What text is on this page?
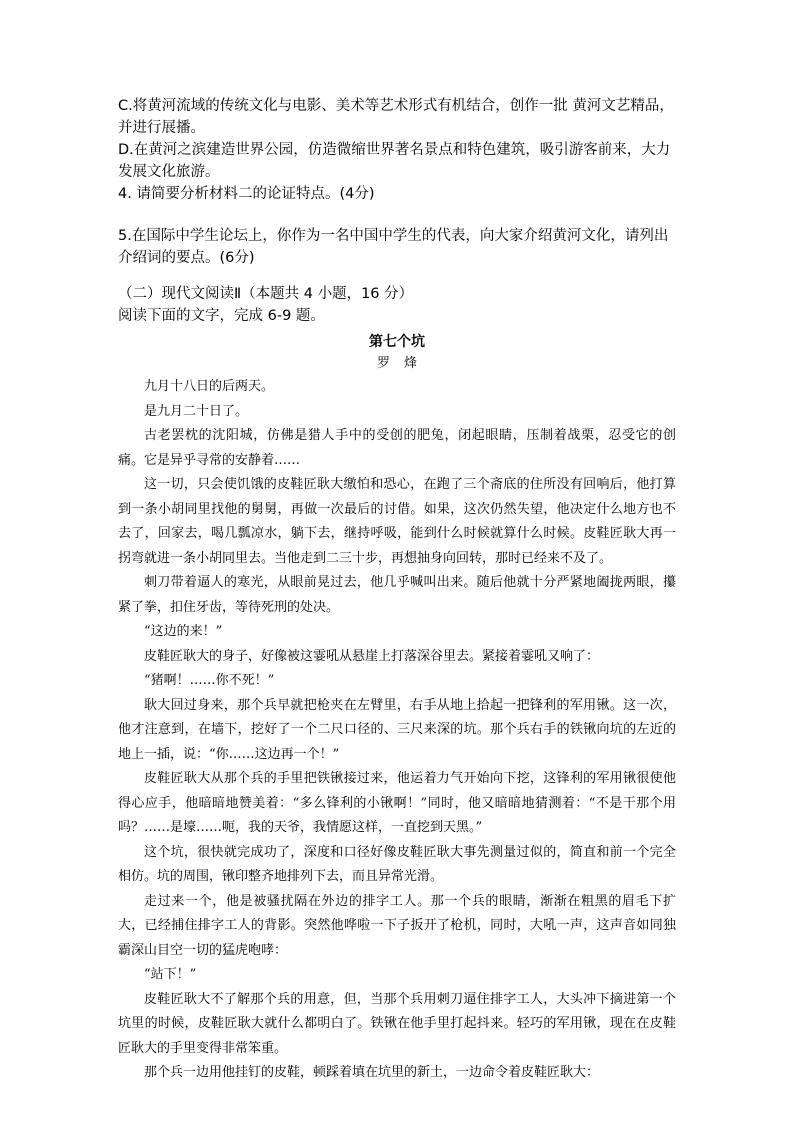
C.将黄河流域的传统文化与电影、美术等艺术形式有机结合，创作一批 黄河文艺精品，并进行展播。

D.在黄河之滨建造世界公园，仿造微缩世界著名景点和特色建筑，吸引游客前来，大力发展文化旅游。

4. 请简要分析材料二的论证特点。(4分)

5.在国际中学生论坛上，你作为一名中国中学生的代表，向大家介绍黄河文化，请列出介绍词的要点。(6分)

（二）现代文阅读Ⅱ（本题共 4 小题，16 分）

阅读下面的文字，完成 6-9 题。

第七个坑
罗烽

九月十八日的后两天。

是九月二十日了。

古老罢枕的沈阳城，仿佛是猎人手中的受创的肥兔，闭起眼睛，压制着战栗，忍受它的创痛。它是异乎寻常的安静着……

这一切，只会使饥饿的皮鞋匠耿大缴怕和恐心，在跑了三个斋底的住所没有回响后，他打算到一条小胡同里找他的舅舅，再做一次最后的讨借。如果，这次仍然失望，他决定什么地方也不去了，回家去，喝几瓢凉水，躺下去，继持呼吸，能到什么时候就算什么时候。皮鞋匠耿大再一拐弯就进一条小胡同里去。当他走到二三十步，再想抽身向回转，那时已经来不及了。

刺刀带着逼人的寒光，从眼前晃过去，他几乎喊叫出来。随后他就十分严紧地阖拢两眼，攥紧了拳，扣住牙齿，等待死刑的处决。

“这边的来！”

皮鞋匠耿大的身子，好像被这霎吼从悬崖上打落深谷里去。紧接着霎吼又响了：

“猪啊！……你不死！”

耿大回过身来，那个兵早就把枪夹在左臂里，右手从地上拾起一把锋利的军用锹。这一次，他才注意到，在墙下，挖好了一个二尺口径的、三尺来深的坑。那个兵右手的铁锹向坑的左近的地上一插，说：“你……这边再一个！”

皮鞋匠耿大从那个兵的手里把铁锹接过来，他运着力气开始向下挖，这锋利的军用锹很使他得心应手，他暗暗地赞美着：“多么锋利的小锹啊！”同时，他又暗暗地猜测着：“不是干那个用吗？……是壕……呃，我的天爷，我情愿这样，一直挖到天黑。”

这个坑，很快就完成功了，深度和口径好像皮鞋匠耿大事先测量过似的，简直和前一个完全相仿。坑的周围，锹印整齐地排列下去，而且异常光滑。

走过来一个，他是被骚扰隔在外边的排字工人。那一个兵的眼睛，渐渐在粗黑的眉毛下扩大，已经捕住排字工人的背影。突然他哗啦一下子扳开了枪机，同时，大吼一声，这声音如同独霸深山目空一切的猛虎咆哮：

“站下！”

皮鞋匠耿大不了解那个兵的用意，但，当那个兵用刺刀逼住排字工人，大头冲下摘进第一个坑里的时候，皮鞋匠耿大就什么都明白了。铁锹在他手里打起抖来。轻巧的军用锹，现在在皮鞋匠耿大的手里变得非常笨重。

那个兵一边用他挂钉的皮鞋，顿踩着填在坑里的新土，一边命令着皮鞋匠耿大：
